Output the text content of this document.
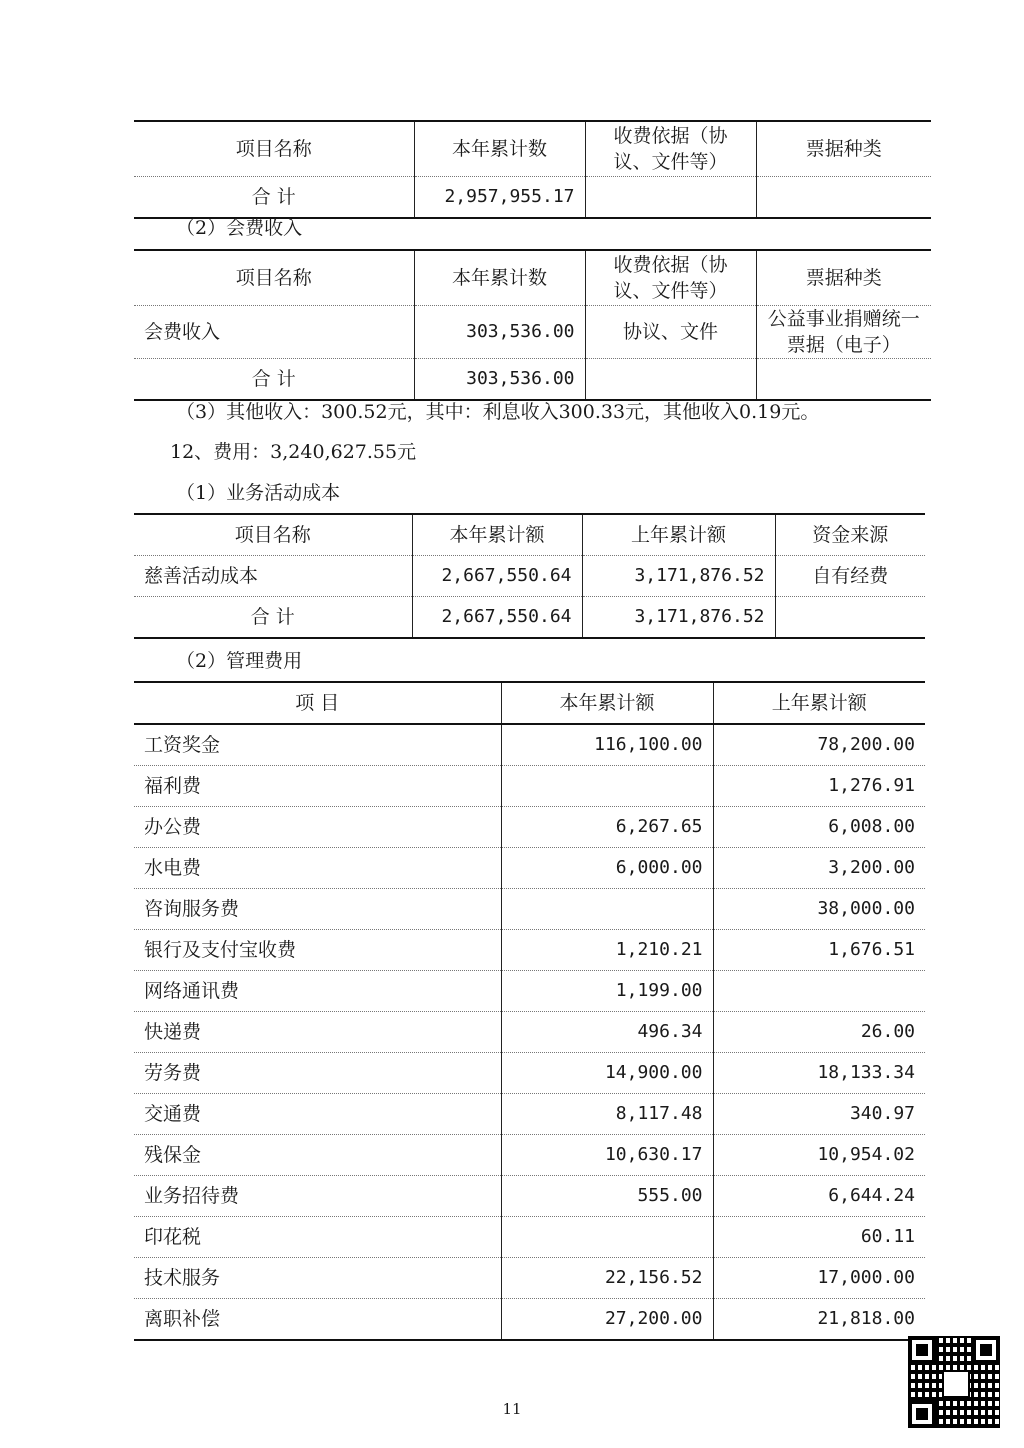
项目名称	本年累计数	收费依据（协议、文件等）	票据种类
合 计	2,957,955.17		
（2）会费收入
项目名称	本年累计数	收费依据（协议、文件等）	票据种类
会费收入	303,536.00	协议、文件	公益事业捐赠统一票据（电子）
合 计	303,536.00		
（3）其他收入：300.52元，其中：利息收入300.33元，其他收入0.19元。
12、费用：3,240,627.55元
（1）业务活动成本
项目名称	本年累计额	上年累计额	资金来源
慈善活动成本	2,667,550.64	3,171,876.52	自有经费
合 计	2,667,550.64	3,171,876.52	
（2）管理费用
项 目	本年累计额	上年累计额
工资奖金	116,100.00	78,200.00
福利费		1,276.91
办公费	6,267.65	6,008.00
水电费	6,000.00	3,200.00
咨询服务费		38,000.00
银行及支付宝收费	1,210.21	1,676.51
网络通讯费	1,199.00	
快递费	496.34	26.00
劳务费	14,900.00	18,133.34
交通费	8,117.48	340.97
残保金	10,630.17	10,954.02
业务招待费	555.00	6,644.24
印花税		60.11
技术服务	22,156.52	17,000.00
离职补偿	27,200.00	21,818.00
11
